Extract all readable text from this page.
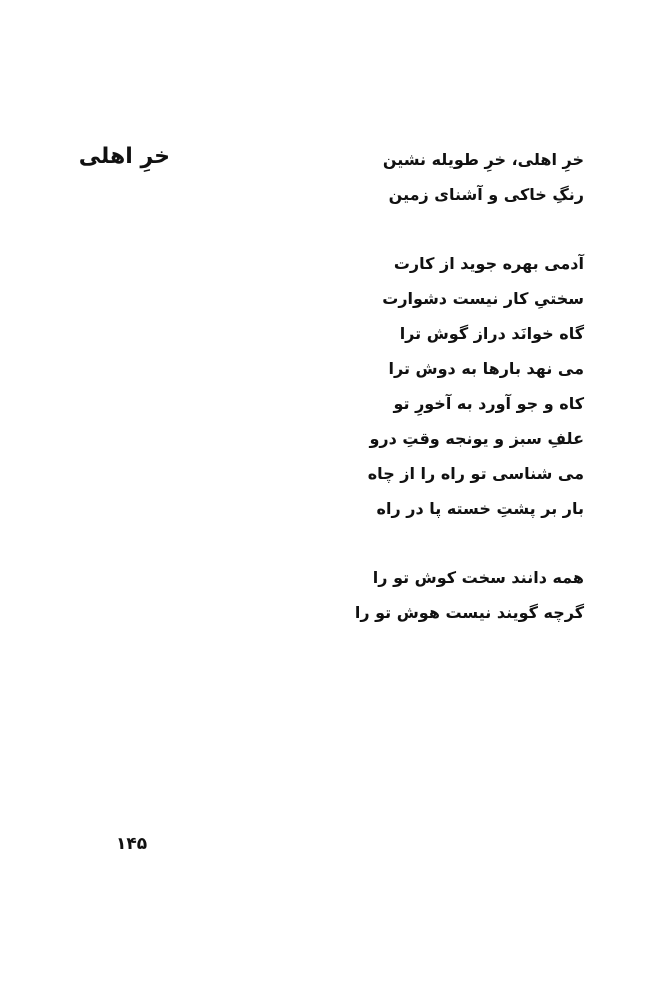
خرِ اهلی	خرِ اهلی، خرِ طویله نشین
رنگِ خاکی و آشنای زمین
آدمی بهره جوید از کارت
سختیِ کار نیست دشوارت
گاه خوانَد دراز گوش ترا
می نهد بارها به دوش ترا
کاه و جو آورد به آخورِ تو
علفِ سبز و یونجه وقتِ درو
می شناسی تو راه را از چاه
بار بر پشتِ خسته پا در راه
همه دانند سخت کوش تو را
گرچه گویند نیست هوش تو را
۱۴۵
